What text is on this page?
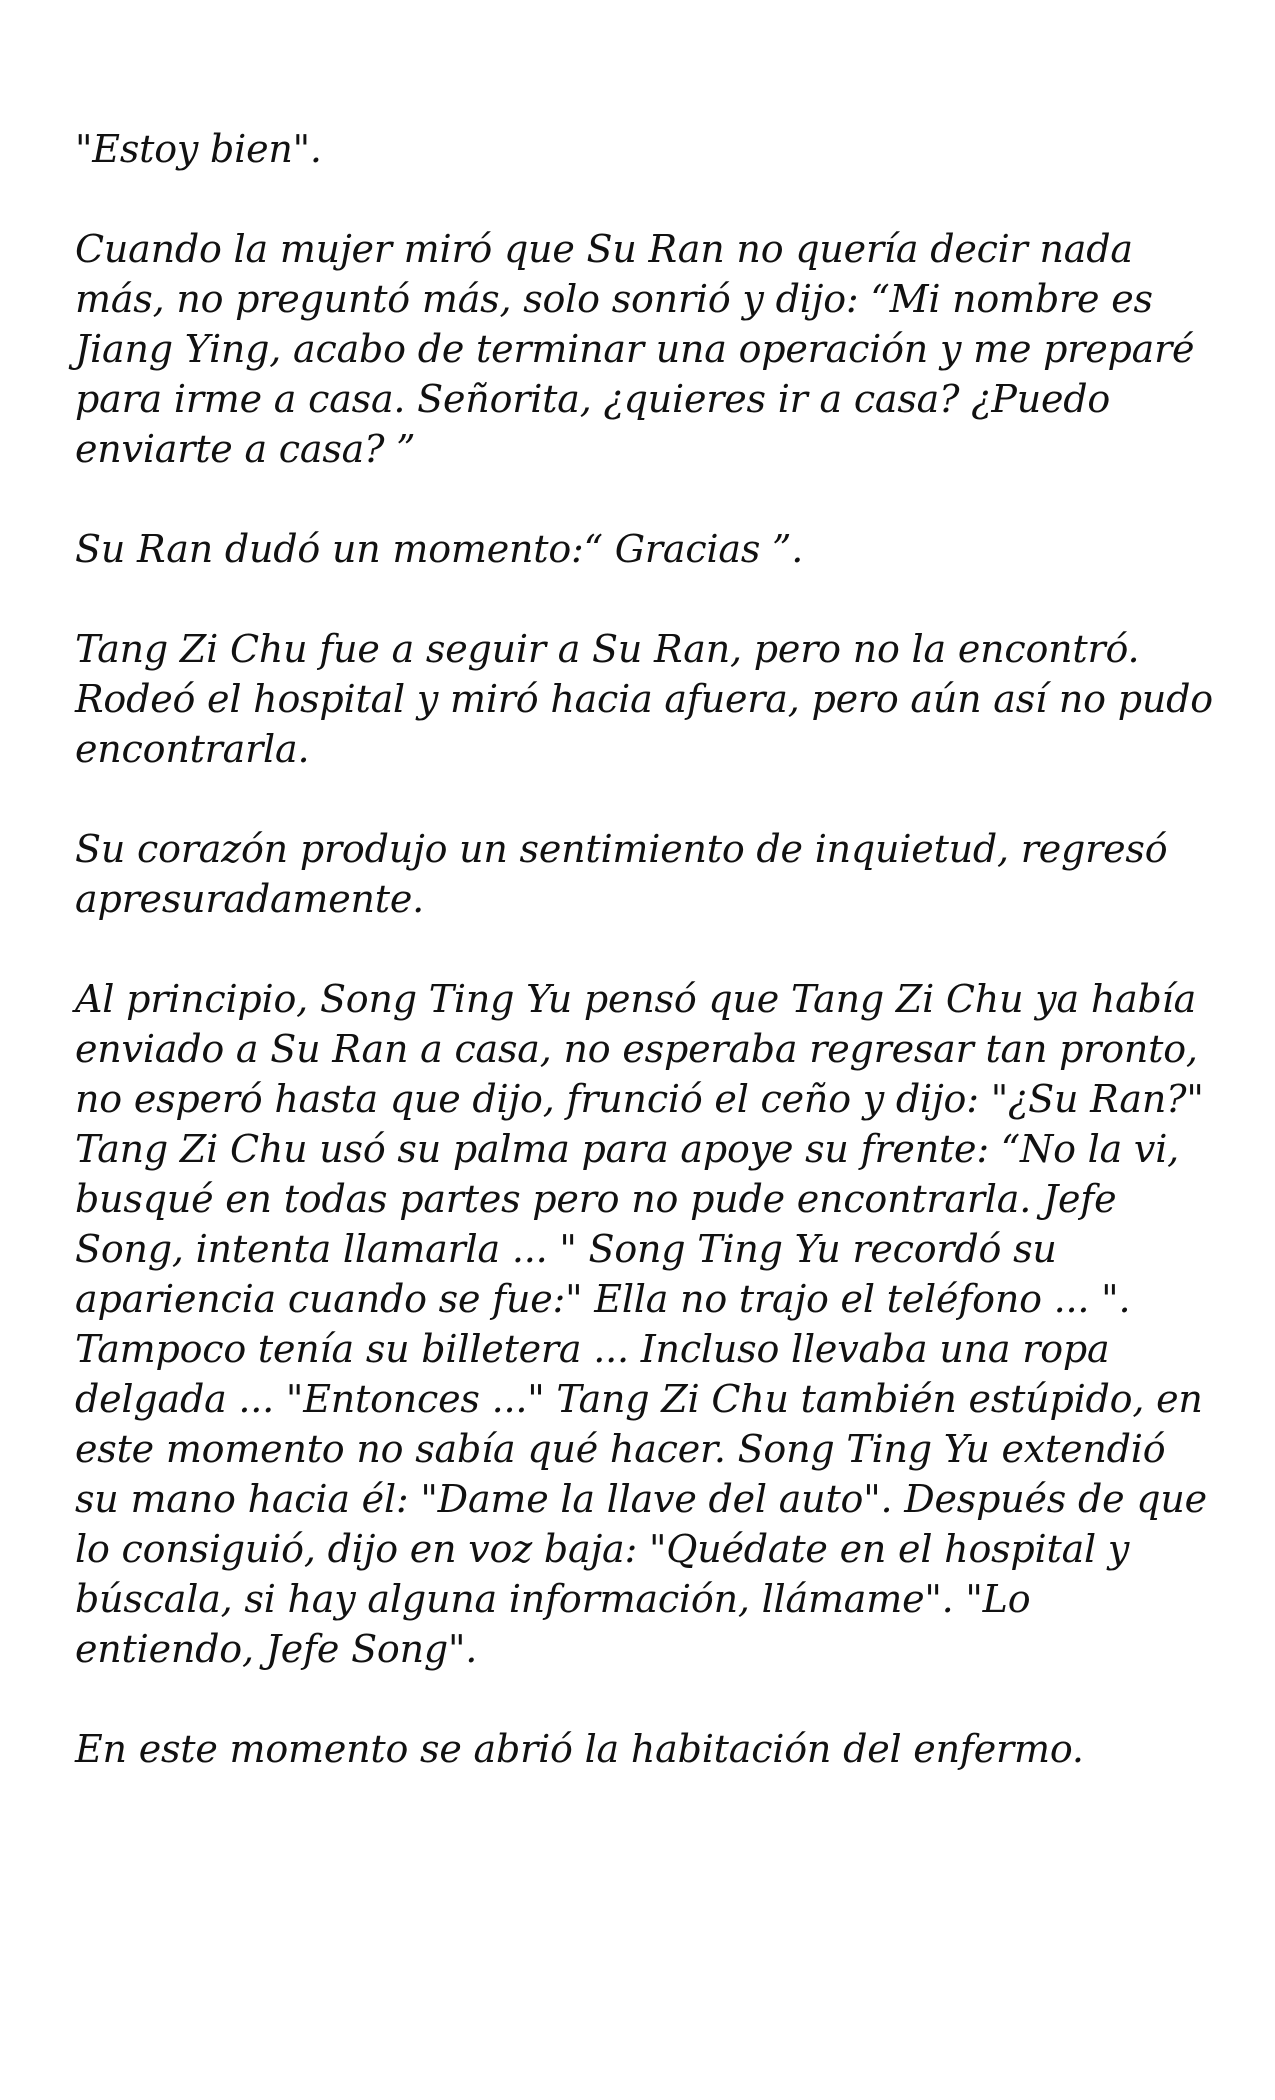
"Estoy bien".

Cuando la mujer miró que Su Ran no quería decir nada más, no preguntó más, solo sonrió y dijo: “Mi nombre es Jiang Ying, acabo de terminar una operación y me preparé para irme a casa. Señorita, ¿quieres ir a casa? ¿Puedo enviarte a casa? ”

Su Ran dudó un momento:“ Gracias ”.

Tang Zi Chu fue a seguir a Su Ran, pero no la encontró. Rodeó el hospital y miró hacia afuera, pero aún así no pudo encontrarla.

Su corazón produjo un sentimiento de inquietud, regresó apresuradamente.

Al principio, Song Ting Yu pensó que Tang Zi Chu ya había enviado a Su Ran a casa, no esperaba regresar tan pronto, no esperó hasta que dijo, frunció el ceño y dijo: "¿Su Ran?" Tang Zi Chu usó su palma para apoye su frente: “No la vi, busqué en todas partes pero no pude encontrarla. Jefe Song, intenta llamarla ... " Song Ting Yu recordó su apariencia cuando se fue:" Ella no trajo el teléfono ... ". Tampoco tenía su billetera ... Incluso llevaba una ropa delgada ... "Entonces ..." Tang Zi Chu también estúpido, en este momento no sabía qué hacer. Song Ting Yu extendió su mano hacia él: "Dame la llave del auto". Después de que lo consiguió, dijo en voz baja: "Quédate en el hospital y búscala, si hay alguna información, llámame". "Lo entiendo, Jefe Song".

En este momento se abrió la habitación del enfermo.
